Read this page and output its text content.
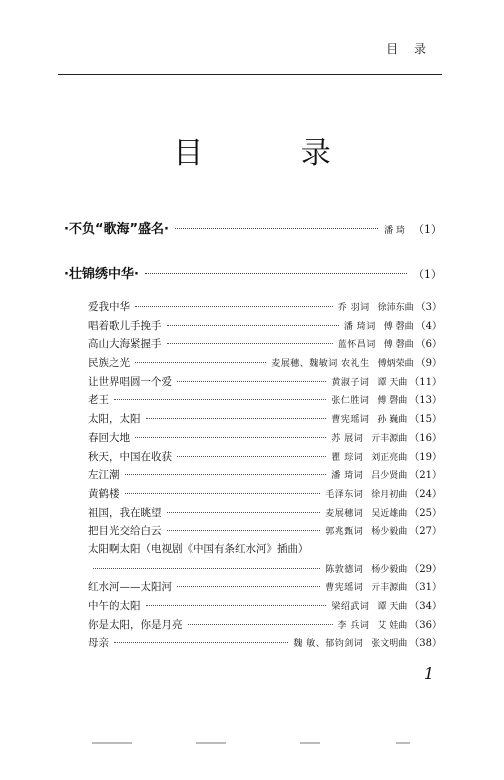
目 录
目 录
·不负“歌海”盛名·	潘 琦 （1）
·壮锦绣中华·	（1）
爱我中华	乔 羽词 徐沛东曲 （3）
唱着歌儿手挽手	潘 琦词 傅 磬曲 （4）
高山大海紧握手	蓝怀昌词 傅 磬曲 （6）
民族之光	麦展穗、魏敏词 农礼生 傅炳荣曲 （9）
让世界唱圆一个爱	黄淑子词 谭 天曲 （11）
老王	张仁胜词 傅 磬曲 （13）
太阳，太阳	曹宪瑶词 孙 巍曲 （15）
春回大地	苏 展词 亓丰源曲 （16）
秋天，中国在收获	瞿 琮词 刘正亮曲 （19）
左江潮	潘 琦词 吕少贤曲 （21）
黄鹤楼	毛泽东词 徐月初曲 （24）
祖国，我在眺望	麦展穗词 吴近雄曲 （25）
把目光交给白云	郭兆甄词 杨少毅曲 （27）
太阳啊太阳（电视剧《中国有条红水河》插曲）
陈敦德词 杨少毅曲 （29）
红水河——太阳河	曹宪瑶词 亓丰源曲 （31）
中午的太阳	梁绍武词 谭 天曲 （34）
你是太阳，你是月亮	李 兵词 艾 娃曲 （36）
母亲	魏 敏、郁钧剑词 张文明曲 （38）
1
